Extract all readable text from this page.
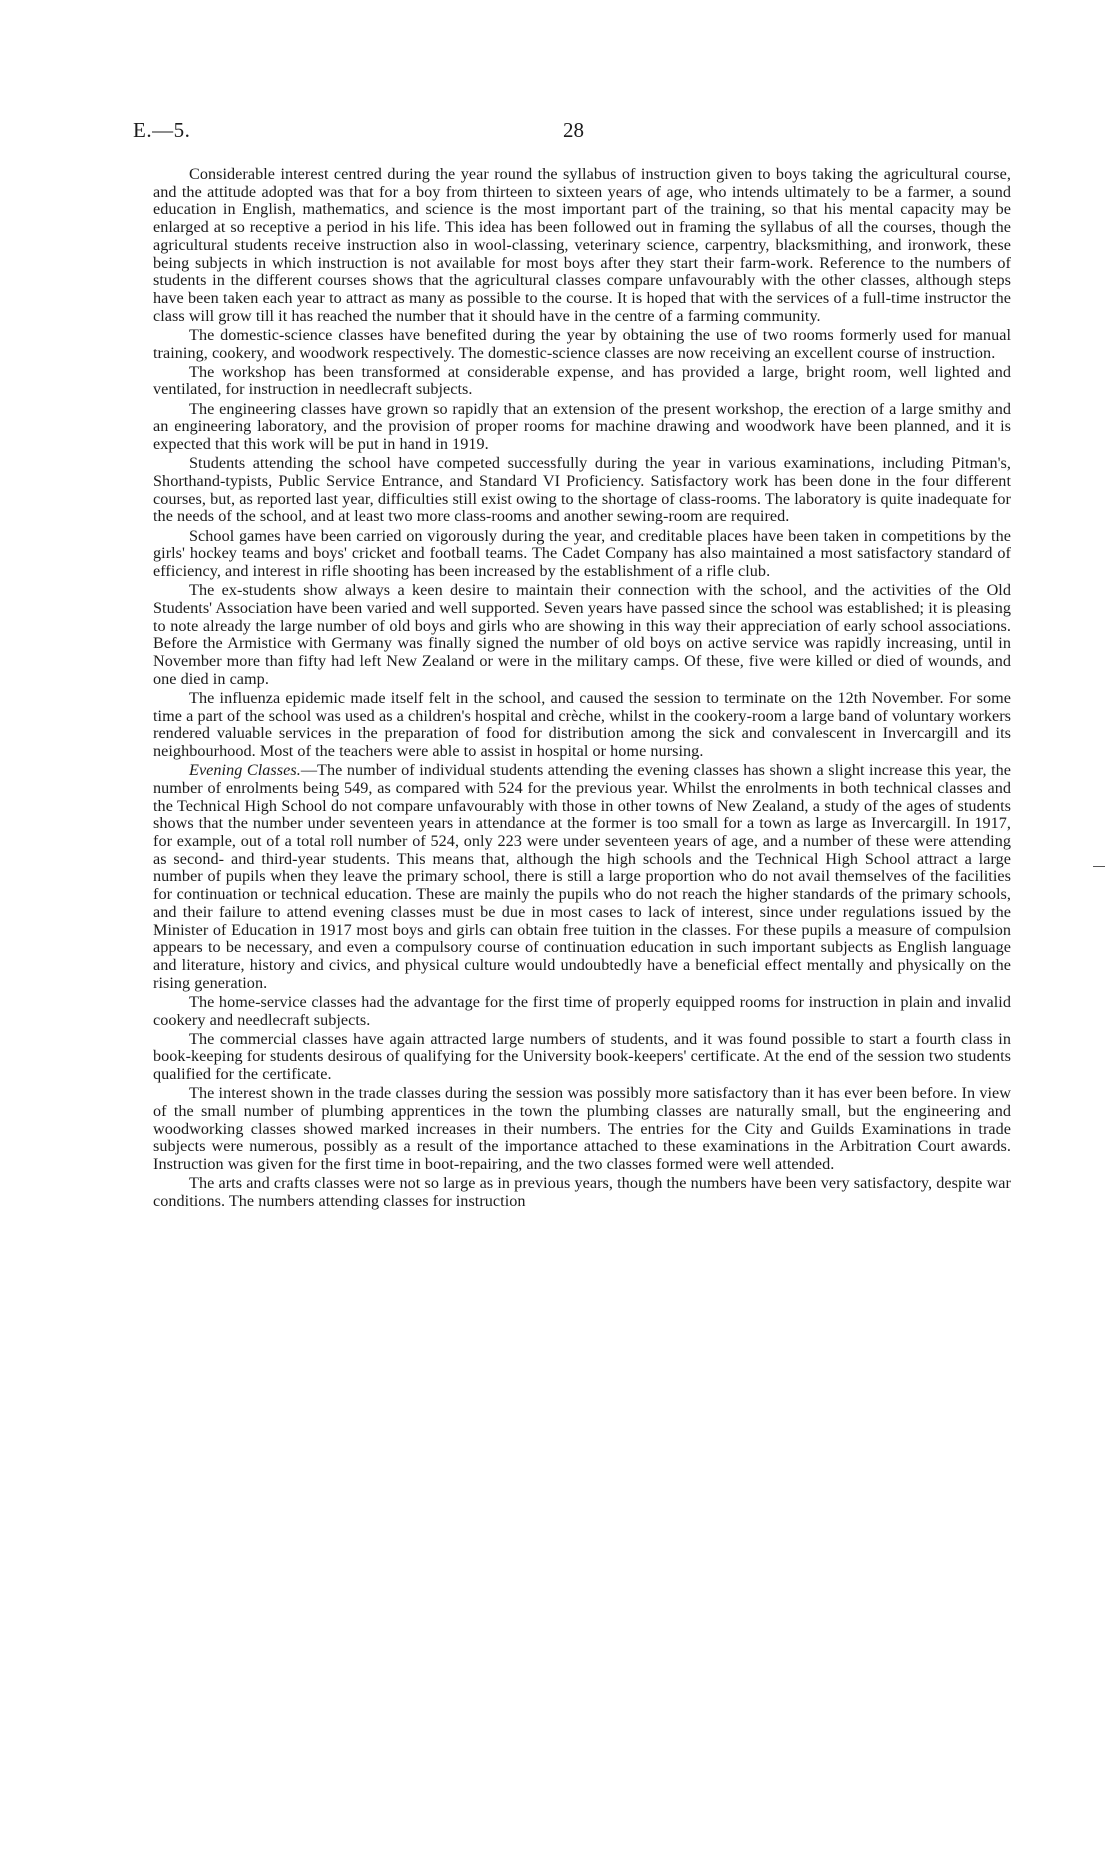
E.—5.	28

Considerable interest centred during the year round the syllabus of instruction given to boys taking the agricultural course, and the attitude adopted was that for a boy from thirteen to sixteen years of age, who intends ultimately to be a farmer, a sound education in English, mathematics, and science is the most important part of the training, so that his mental capacity may be enlarged at so receptive a period in his life. This idea has been followed out in framing the syllabus of all the courses, though the agricultural students receive instruction also in wool-classing, veterinary science, carpentry, blacksmithing, and ironwork, these being subjects in which instruction is not available for most boys after they start their farm-work. Reference to the numbers of students in the different courses shows that the agricultural classes compare unfavourably with the other classes, although steps have been taken each year to attract as many as possible to the course. It is hoped that with the services of a full-time instructor the class will grow till it has reached the number that it should have in the centre of a farming community.

The domestic-science classes have benefited during the year by obtaining the use of two rooms formerly used for manual training, cookery, and woodwork respectively. The domestic-science classes are now receiving an excellent course of instruction.

The workshop has been transformed at considerable expense, and has provided a large, bright room, well lighted and ventilated, for instruction in needlecraft subjects.

The engineering classes have grown so rapidly that an extension of the present workshop, the erection of a large smithy and an engineering laboratory, and the provision of proper rooms for machine drawing and woodwork have been planned, and it is expected that this work will be put in hand in 1919.

Students attending the school have competed successfully during the year in various examinations, including Pitman's, Shorthand-typists, Public Service Entrance, and Standard VI Proficiency. Satisfactory work has been done in the four different courses, but, as reported last year, difficulties still exist owing to the shortage of class-rooms. The laboratory is quite inadequate for the needs of the school, and at least two more class-rooms and another sewing-room are required.

School games have been carried on vigorously during the year, and creditable places have been taken in competitions by the girls' hockey teams and boys' cricket and football teams. The Cadet Company has also maintained a most satisfactory standard of efficiency, and interest in rifle shooting has been increased by the establishment of a rifle club.

The ex-students show always a keen desire to maintain their connection with the school, and the activities of the Old Students' Association have been varied and well supported. Seven years have passed since the school was established; it is pleasing to note already the large number of old boys and girls who are showing in this way their appreciation of early school associations. Before the Armistice with Germany was finally signed the number of old boys on active service was rapidly increasing, until in November more than fifty had left New Zealand or were in the military camps. Of these, five were killed or died of wounds, and one died in camp.

The influenza epidemic made itself felt in the school, and caused the session to terminate on the 12th November. For some time a part of the school was used as a children's hospital and crèche, whilst in the cookery-room a large band of voluntary workers rendered valuable services in the preparation of food for distribution among the sick and convalescent in Invercargill and its neighbourhood. Most of the teachers were able to assist in hospital or home nursing.

Evening Classes.—The number of individual students attending the evening classes has shown a slight increase this year, the number of enrolments being 549, as compared with 524 for the previous year. Whilst the enrolments in both technical classes and the Technical High School do not compare unfavourably with those in other towns of New Zealand, a study of the ages of students shows that the number under seventeen years in attendance at the former is too small for a town as large as Invercargill. In 1917, for example, out of a total roll number of 524, only 223 were under seventeen years of age, and a number of these were attending as second- and third-year students. This means that, although the high schools and the Technical High School attract a large number of pupils when they leave the primary school, there is still a large proportion who do not avail themselves of the facilities for continuation or technical education. These are mainly the pupils who do not reach the higher standards of the primary schools, and their failure to attend evening classes must be due in most cases to lack of interest, since under regulations issued by the Minister of Education in 1917 most boys and girls can obtain free tuition in the classes. For these pupils a measure of compulsion appears to be necessary, and even a compulsory course of continuation education in such important subjects as English language and literature, history and civics, and physical culture would undoubtedly have a beneficial effect mentally and physically on the rising generation.

The home-service classes had the advantage for the first time of properly equipped rooms for instruction in plain and invalid cookery and needlecraft subjects.

The commercial classes have again attracted large numbers of students, and it was found possible to start a fourth class in book-keeping for students desirous of qualifying for the University book-keepers' certificate. At the end of the session two students qualified for the certificate.

The interest shown in the trade classes during the session was possibly more satisfactory than it has ever been before. In view of the small number of plumbing apprentices in the town the plumbing classes are naturally small, but the engineering and woodworking classes showed marked increases in their numbers. The entries for the City and Guilds Examinations in trade subjects were numerous, possibly as a result of the importance attached to these examinations in the Arbitration Court awards. Instruction was given for the first time in boot-repairing, and the two classes formed were well attended.

The arts and crafts classes were not so large as in previous years, though the numbers have been very satisfactory, despite war conditions. The numbers attending classes for instruction
